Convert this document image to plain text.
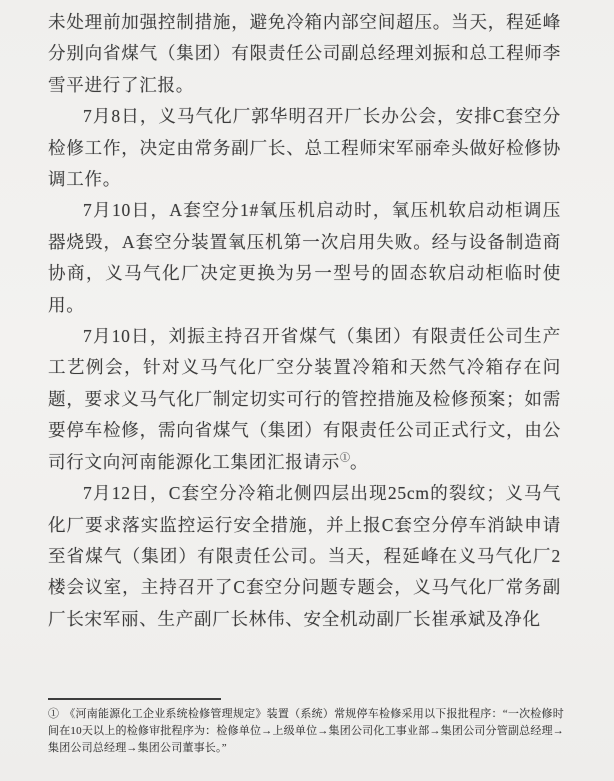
未处理前加强控制措施，避免冷箱内部空间超压。当天，程延峰分别向省煤气（集团）有限责任公司副总经理刘振和总工程师李雪平进行了汇报。

7月8日，义马气化厂郭华明召开厂长办公会，安排C套空分检修工作，决定由常务副厂长、总工程师宋军丽牵头做好检修协调工作。

7月10日，A套空分1#氧压机启动时，氧压机软启动柜调压器烧毁，A套空分装置氧压机第一次启用失败。经与设备制造商协商，义马气化厂决定更换为另一型号的固态软启动柜临时使用。

7月10日，刘振主持召开省煤气（集团）有限责任公司生产工艺例会，针对义马气化厂空分装置冷箱和天然气冷箱存在问题，要求义马气化厂制定切实可行的管控措施及检修预案；如需要停车检修，需向省煤气（集团）有限责任公司正式行文，由公司行文向河南能源化工集团汇报请示①。

7月12日，C套空分冷箱北侧四层出现25cm的裂纹；义马气化厂要求落实监控运行安全措施，并上报C套空分停车消缺申请至省煤气（集团）有限责任公司。当天，程延峰在义马气化厂2楼会议室，主持召开了C套空分问题专题会，义马气化厂常务副厂长宋军丽、生产副厂长林伟、安全机动副厂长崔承斌及净化

① 《河南能源化工企业系统检修管理规定》装置（系统）常规停车检修采用以下报批程序：“一次检修时间在10天以上的检修审批程序为：检修单位→上级单位→集团公司化工事业部→集团公司分管副总经理→集团公司总经理→集团公司董事长。”
